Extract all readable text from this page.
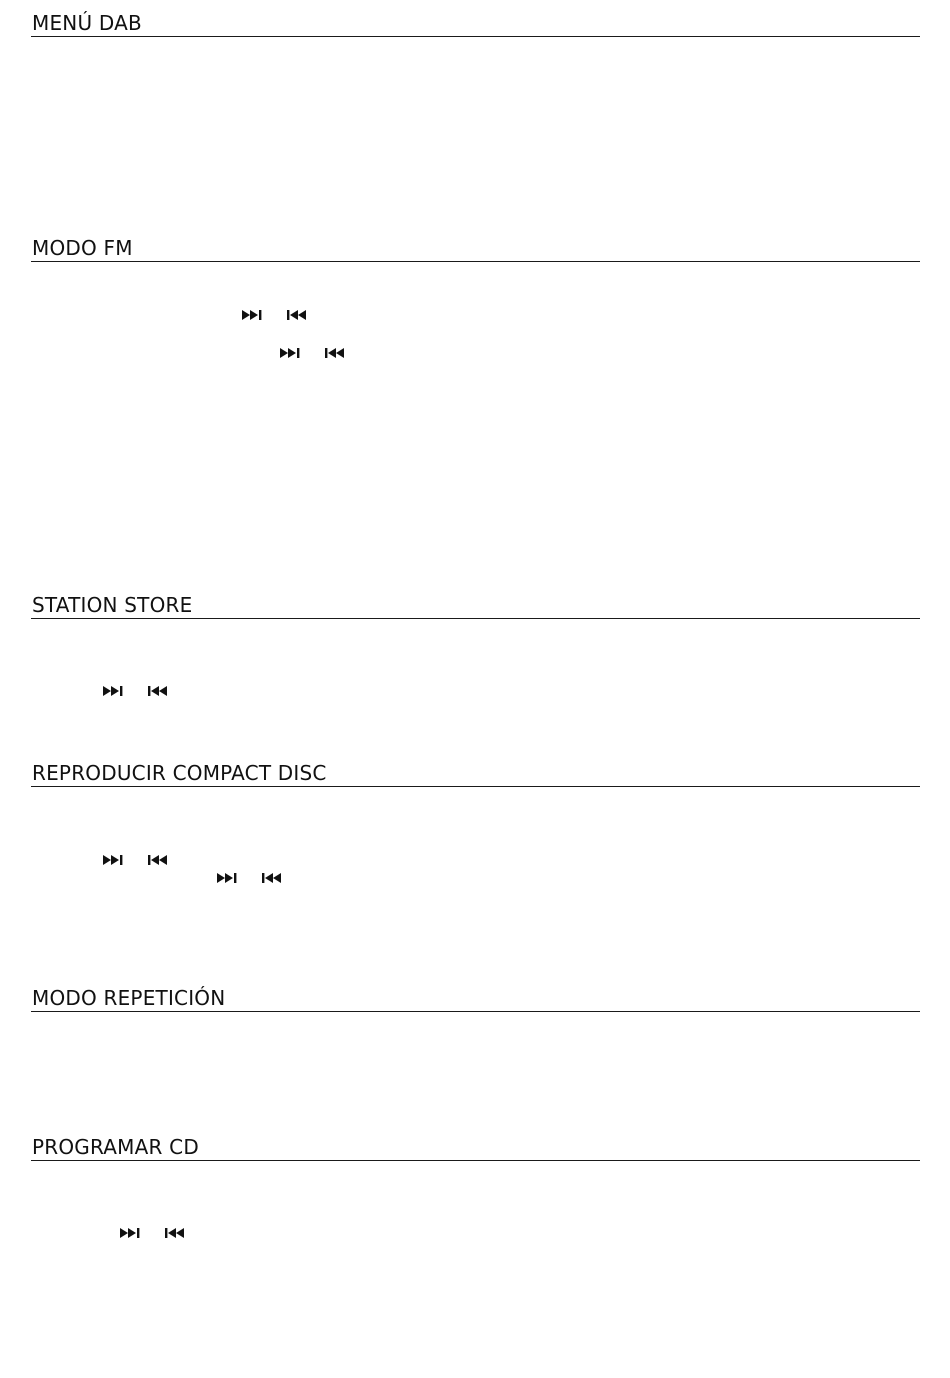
MENÚ DAB
MODO FM
STATION STORE
REPRODUCIR COMPACT DISC
MODO REPETICIÓN
PROGRAMAR CD
